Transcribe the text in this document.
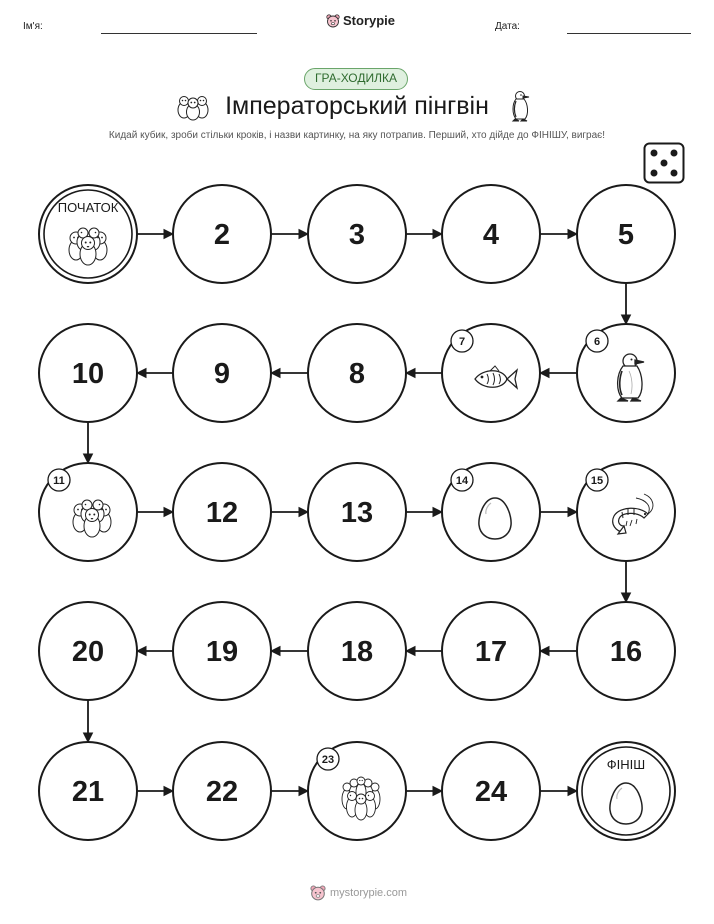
Ім'я:	Storypie	Дата:
ГРА-ХОДИЛКА
Імператорський пінгвін
Кидай кубик, зроби стільки кроків, і назви картинку, на яку потрапив. Перший, хто дійде до ФІНІШУ, виграє!
ПОЧАТОК
2	3	4	5
6
7
8
9
10
11
12	13
14	15
16
17
18
19
20
21	22
23
24
ФІНІШ
mystorypie.com
